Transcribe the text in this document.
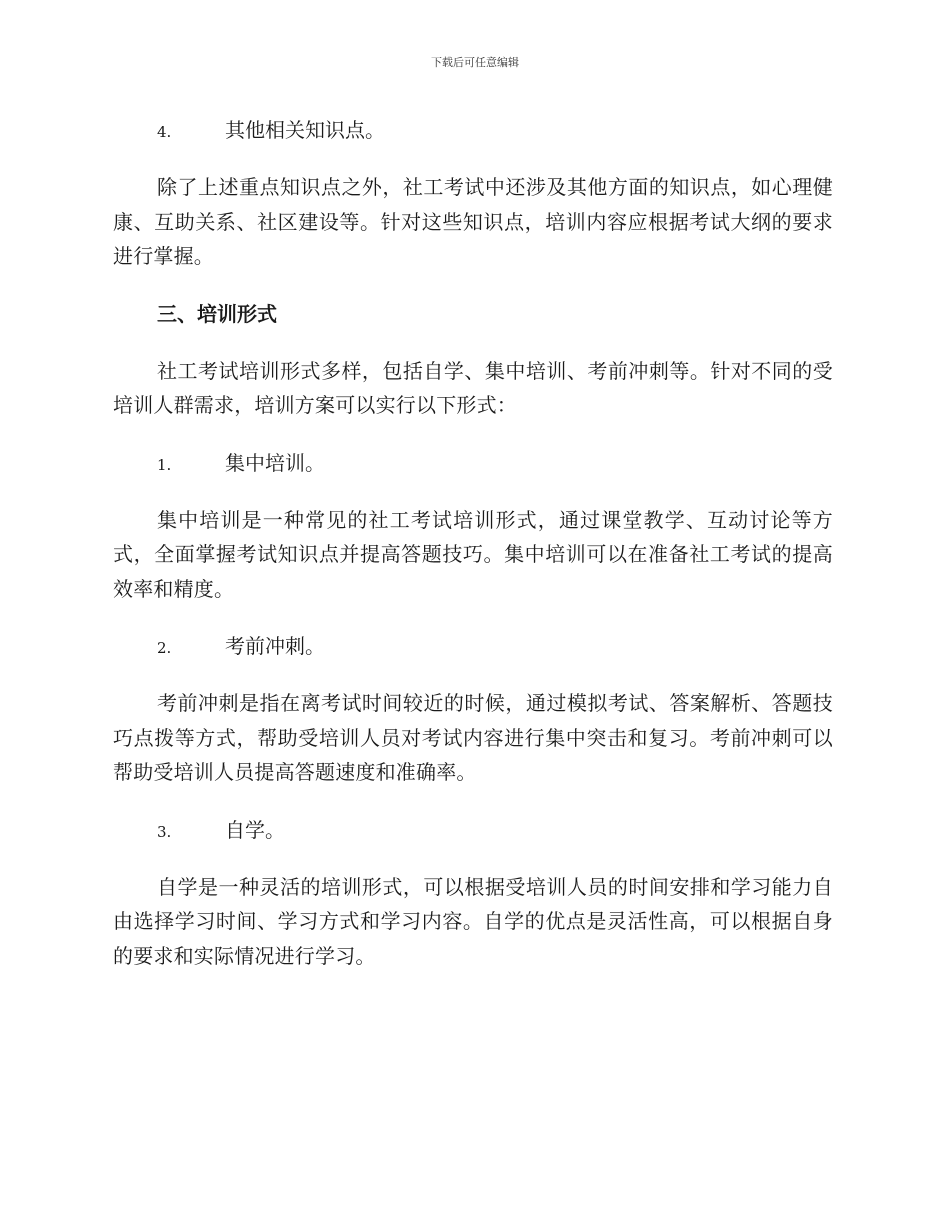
下载后可任意编辑
4.	其他相关知识点。

除了上述重点知识点之外，社工考试中还涉及其他方面的知识点，如心理健康、互助关系、社区建设等。针对这些知识点，培训内容应根据考试大纲的要求进行掌握。

三、培训形式

社工考试培训形式多样，包括自学、集中培训、考前冲刺等。针对不同的受培训人群需求，培训方案可以实行以下形式：

1.	集中培训。

集中培训是一种常见的社工考试培训形式，通过课堂教学、互动讨论等方式，全面掌握考试知识点并提高答题技巧。集中培训可以在准备社工考试的提高效率和精度。

2.	考前冲刺。

考前冲刺是指在离考试时间较近的时候，通过模拟考试、答案解析、答题技巧点拨等方式，帮助受培训人员对考试内容进行集中突击和复习。考前冲刺可以帮助受培训人员提高答题速度和准确率。

3.	自学。

自学是一种灵活的培训形式，可以根据受培训人员的时间安排和学习能力自由选择学习时间、学习方式和学习内容。自学的优点是灵活性高，可以根据自身的要求和实际情况进行学习。
